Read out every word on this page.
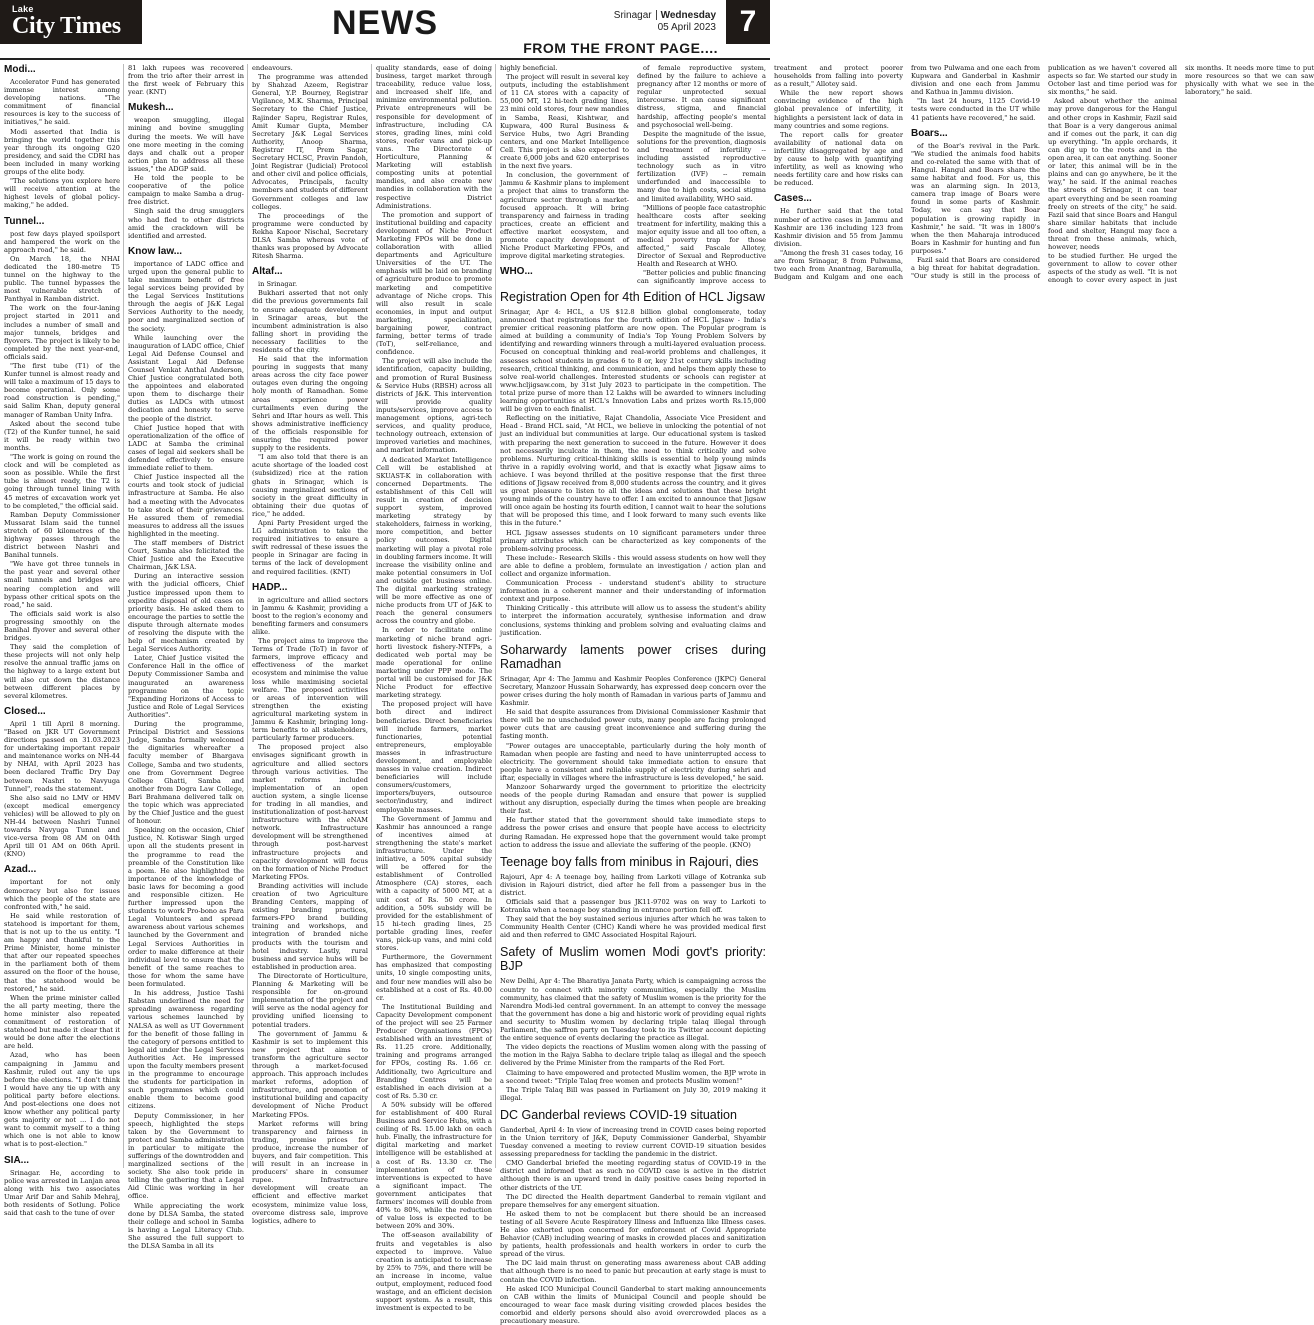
Lake
City Times	NEWS	Srinagar Wednesday
05 April 2023 7
FROM THE FRONT PAGE....
Modi...

Accelerator Fund has generated immense interest among developing nations. "The commitment of financial resources is key to the success of initiatives," he said.

Modi asserted that India is bringing the world together this year through its ongoing G20 presidency, and said the CDRI has been included in many working groups of the elite body.

"The solutions you explore here will receive attention at the highest levels of global policy-making," he added.

Tunnel...

post few days played spoilsport and hampered the work on the approach road," he said.

On March 18, the NHAI dedicated the 180-metre T5 tunnel on the highway to the public. The tunnel bypasses the most vulnerable stretch of Panthyal in Ramban district.

The work on the four-laning project started in 2011 and includes a number of small and major tunnels, bridges and flyovers. The project is likely to be completed by the next year-end, officials said.

"The first tube (T1) of the Kunfer tunnel is almost ready and will take a maximum of 15 days to become operational. Only some road construction is pending," said Salim Khan, deputy general manager of Ramban Unity Infra.

Asked about the second tube (T2) of the Kunfer tunnel, he said it will be ready within two months.

"The work is going on round the clock and will be completed as soon as possible. While the first tube is almost ready, the T2 is going through tunnel lining with 45 metres of excavation work yet to be completed," the official said.

Ramban Deputy Commissioner Mussarat Islam said the tunnel stretch of 60 kilometres of the highway passes through the district between Nashri and Banihal tunnels.

"We have got three tunnels in the past year and several other small tunnels and bridges are nearing completion and will bypass other critical spots on the road," he said.

The officials said work is also progressing smoothly on the Banihal flyover and several other bridges.

They said the completion of these projects will not only help resolve the annual traffic jams on the highway to a large extent but will also cut down the distance between different places by several kilometres.

Closed...

April 1 till April 8 morning. "Based on JKR UT Government directions passed on 31.03.2023 for undertaking important repair and maintenance works on NH-44 by NHAI, with April 2023 has been declared Traffic Dry Day between Nashri to Navyuga Tunnel", reads the statement.

She also said no LMV or HMV (except medical emergency vehicles) will be allowed to ply on NH-44 between Nashri Tunnel towards Navyuga Tunnel and vice-versa from 08 AM on 04th April till 01 AM on 06th April. (KNO)

Azad...

important for not only democracy but also for issues which the people of the state are confronted with," he said.

He said while restoration of statehood is important for them, that is not up to the us entity. "I am happy and thankful to the Prime Minister, home minister that after our repeated speeches in the parliament both of them assured on the floor of the house, that the statehood would be restored," he said.

When the prime minister called the all party meeting, there the home minister also repeated commitment of restoration of statehood but made it clear that it would be done after the elections are held.

Azad, who has been campaigning in Jammu and Kashmir, ruled out any tie ups before the elections. "I don't think I would have any tie up with any political party before elections. And post-elections one does not know whether any political party gets majority or not ... I do not want to commit myself to a thing which one is not able to know what is to post-election."

SIA...

Srinagar. He, according to police was arrested in Lanjan area along with his two associates Umar Arif Dar and Sahib Mehraj, both residents of Sotlung. Police said that cash to the tune of over

81 lakh rupees was recovered from the trio after their arrest in the first week of February this year. (KNT)

Mukesh...

weapon smuggling, illegal mining and bovine smuggling during the meets. We will have one more meeting in the coming days and chalk out a proper action plan to address all these issues," the ADGP said.

He told the people to be cooperative of the police campaign to make Samba a drug-free district.

Singh said the drug smugglers who had fled to other districts amid the crackdown will be identified and arrested.

Know law...

importance of LADC office and urged upon the general public to take maximum benefit of free legal services being provided by the Legal Services Institutions through the aegis of J&K Legal Services Authority to the needy, poor and marginalized section of the society.

While launching over the inauguration of LADC office, Chief Legal Aid Defense Counsel and Assistant Legal Aid Defense Counsel Venkat Anthal Anderson, Chief Justice congratulated both the appointees and elaborated upon them to discharge their duties as LADCs with utmost dedication and honesty to serve the people of the district.

Chief Justice hoped that with operationalization of the office of LADC at Samba the criminal cases of legal aid seekers shall be defended effectively to ensure immediate relief to them.

Chief Justice inspected all the courts and took stock of judicial infrastructure at Samba. He also had a meeting with the Advocates to take stock of their grievances. He assured them of remedial measures to address all the issues highlighted in the meeting.

The staff members of District Court, Samba also felicitated the Chief Justice and the Executive Chairman, J&K LSA.

During an interactive session with the judicial officers, Chief Justice impressed upon them to expedite disposal of old cases on priority basis. He asked them to encourage the parties to settle the dispute through alternate modes of resolving the dispute with the help of mechanism created by Legal Services Authority.

Later, Chief Justice visited the Conference Hall in the office of Deputy Commissioner Samba and inaugurated an awareness programme on the topic "Expanding Horizons of Access to Justice and Role of Legal Services Authorities".

During the programme, Principal District and Sessions Judge, Samba formally welcomed the dignitaries whereafter a faculty member of Bhargava College, Samba and two students, one from Government Degree College Ghatti, Samba and another from Dogra Law College, Bari Brahmana delivered talk on the topic which was appreciated by the Chief Justice and the guest of honour.

Speaking on the occasion, Chief Justice, N. Kotiswar Singh urged upon all the students present in the programme to read the preamble of the Constitution like a poem. He also highlighted the importance of the knowledge of basic laws for becoming a good and responsible citizen. He further impressed upon the students to work Pro-bono as Para Legal Volunteers and spread awareness about various schemes launched by the Government and Legal Services Authorities in order to make difference at their individual level to ensure that the benefit of the same reaches to those for whom the same have been formulated.

In his address, Justice Tashi Rabstan underlined the need for spreading awareness regarding various schemes launched by NALSA as well as UT Government for the benefit of those falling in the category of persons entitled to legal aid under the Legal Services Authorities Act. He impressed upon the faculty members present in the programme to encourage the students for participation in such programmes which could enable them to become good citizens.

Deputy Commissioner, in her speech, highlighted the steps taken by the Government to protect and Samba administration in particular to mitigate the sufferings of the downtrodden and marginalized sections of the society. She also took pride in telling the gathering that a Legal Aid Clinic was working in her office.

While appreciating the work done by DLSA Samba, the stated their college and school in Samba is having a Legal Literacy Club. She assured the full support to the DLSA Samba in all its

endeavours.

The programme was attended by Shahzad Azeem, Registrar General, Y.P. Bourney, Registrar Vigilance, M.K. Sharma, Principal Secretary to the Chief Justice, Rajinder Sapru, Registrar Rules, Amit Kumar Gupta, Member Secretary J&K Legal Services Authority, Anoop Sharma, Registrar IT, Prem Sagar, Secretary HCLSC, Pravin Pandoh, Joint Registrar (Judicial) Protocol and other civil and police officials, Advocates, Principals, faculty members and students of different Government colleges and law colleges.

The proceedings of the programme were conducted by Rekha Kapoor Nischal, Secretary DLSA Samba whereas vote of thanks was proposed by Advocate Ritesh Sharma.

Altaf...

in Srinagar.

Bukhari asserted that not only did the previous governments fail to ensure adequate development in Srinagar areas, but the incumbent administration is also falling short in providing the necessary facilities to the residents of the city.

He said that the information pouring in suggests that many areas across the city face power outages even during the ongoing holy month of Ramadhan. Some areas experience power curtailments even during the Sehri and Iftar hours as well. This shows administrative inefficiency of the officials responsible for ensuring the required power supply to the residents.

"I am also told that there is an acute shortage of the loaded cost (subsidized) rice at the ration ghats in Srinagar, which is causing marginalized sections of society in the great difficulty in obtaining their due quotas of rice," he added.

Apni Party President urged the LG administration to take the required initiatives to ensure a swift redressal of these issues the people in Srinagar are facing in terms of the lack of development and required facilities. (KNT)

HADP...

in agriculture and allied sectors in Jammu & Kashmir, providing a boost to the region's economy and benefiting farmers and consumers alike.

The project aims to improve the Terms of Trade (ToT) in favor of farmers, improve efficacy and effectiveness of the market ecosystem and minimise the value loss while maximising societal welfare. The proposed activities or areas of intervention will strengthen the existing agricultural marketing system in Jammu & Kashmir, bringing long-term benefits to all stakeholders, particularly farmer producers.

The proposed project also envisages significant growth in agriculture and allied sectors through various activities. The market reforms included implementation of an open auction system, a single license for trading in all mandies, and institutionalization of post-harvest infrastructure with the eNAM network. Infrastructure development will be strengthened through post-harvest infrastructure projects and capacity development will focus on the formation of Niche Product Marketing FPOs.

Branding activities will include creation of two Agriculture Branding Centers, mapping of existing branding practices, farmers-FPO brand building training and workshops, and integration of branded niche products with the tourism and hotel industry. Lastly, rural business and service hubs will be established in production area.

The Directorate of Horticulture, Planning & Marketing will be responsible for on-ground implementation of the project and will serve as the nodal agency for providing unified licensing to potential traders.

The government of Jammu & Kashmir is set to implement this new project that aims to transform the agriculture sector through a market-focused approach. This approach includes market reforms, adoption of infrastructure, and promotion of institutional building and capacity development of Niche Product Marketing FPOs.

Market reforms will bring transparency and fairness in trading, promise prices for produce, increase the number of buyers, and fair competition. This will result in an increase in producers' share in consumer rupee. Infrastructure development will create an efficient and effective market ecosystem, minimize value loss, overcome distress sale, improve logistics, adhere to

quality standards, ease of doing business, target market through traceability, reduce value loss, and increased shelf life, and minimize environmental pollution. Private entrepreneurs will be responsible for development of infrastructure, including CA stores, grading lines, mini cold stores, reefer vans and pick-up vans. The Directorate of Horticulture, Planning & Marketing will establish composting units at potential mandies, and also create new mandies in collaboration with the respective District Administrations.

The promotion and support of institutional building and capacity development of Niche Product Marketing FPOs will be done in collaboration with allied departments and Agriculture Universities of the UT. The emphasis will be laid on branding of agriculture produce to promote marketing and competitive advantage of Niche crops. This will also result in scale economies, in input and output marketing, specialization, bargaining power, contract farming, better terms of trade (ToT), self-reliance, and confidence.

The project will also include the identification, capacity building, and promotion of Rural Business & Service Hubs (RBSH) across all districts of J&K. This intervention will provide quality inputs/services, improve access to management options, agri-tech services, and quality produce, technology outreach, extension of improved varieties and machines, and market information.

A dedicated Market Intelligence Cell will be established at SKUAST-K in collaboration with concerned Departments. The establishment of this Cell will result in creation of decision support system, improved marketing strategy by stakeholders, fairness in working, more competition, and better policy outcomes. Digital marketing will play a pivotal role in doubling farmers income. It will increase the visibility online and make potential consumers in UoI and outside get business online. The digital marketing strategy will be more effective as one of niche products from UT of J&K to reach the general consumers across the country and globe.

In order to facilitate online marketing of niche brand agri-horti livestock fishery-NTFPs, a dedicated web portal may be made operational for online marketing under PPP mode. The portal will be customised for J&K Niche Product for effective marketing strategy.

The proposed project will have both direct and indirect beneficiaries. Direct beneficiaries will include farmers, market functionaries, potential entrepreneurs, employable masses in infrastructure development, and employable masses in value creation. Indirect beneficiaries will include consumers/customers, importers/buyers, outsource sector/industry, and indirect employable masses.

The Government of Jammu and Kashmir has announced a range of incentives aimed at strengthening the state's market infrastructure. Under the initiative, a 50% capital subsidy will be offered for the establishment of Controlled Atmosphere (CA) stores, each with a capacity of 5000 MT, at a unit cost of Rs. 50 crore. In addition, a 50% subsidy will be provided for the establishment of 15 hi-tech grading lines, 25 portable grading lines, reefer vans, pick-up vans, and mini cold stores.

Furthermore, the Government has emphasized that composting units, 10 single composting units, and four new mandies will also be established at a cost of Rs. 40.00 cr.

The Institutional Building and Capacity Development component of the project will see 25 Farmer Producer Organisations (FPOs) established with an investment of Rs. 11.25 crore. Additionally, training and programs arranged for FPOs, costing Rs. 1.66 cr. Additionally, two Agriculture and Branding Centres will be established in each division at a cost of Rs. 5.30 cr.

A 50% subsidy will be offered for establishment of 400 Rural Business and Service Hubs, with a ceiling of Rs. 15.00 lakh on each hub. Finally, the infrastructure for digital marketing and market intelligence will be established at a cost of Rs. 13.30 cr. The implementation of these interventions is expected to have a significant impact. The government anticipates that farmers' incomes will double from 40% to 80%, while the reduction of value loss is expected to be between 20% and 30%.

The off-season availability of fruits and vegetables is also expected to improve. Value creation is anticipated to increase by 25% to 75%, and there will be an increase in income, value output, employment, reduced food wastage, and an efficient decision support system. As a result, this investment is expected to be

highly beneficial.

The project will result in several key outputs, including the establishment of 11 CA stores with a capacity of 55,000 MT, 12 hi-tech grading lines, 23 mini cold stores, four new mandies in Samba, Reasi, Kishtwar, and Kupwara, 400 Rural Business & Service Hubs, two Agri Branding centers, and one Market Intelligence Cell. This project is also expected to create 6,000 jobs and 620 enterprises in the next five years.

In conclusion, the government of Jammu & Kashmir plans to implement a project that aims to transform the agriculture sector through a market-focused approach. It will bring transparency and fairness in trading practices, create an efficient and effective market ecosystem, and promote capacity development of Niche Product Marketing FPOs, and improve digital marketing strategies.

WHO...

of female reproductive system, defined by the failure to achieve a pregnancy after 12 months or more of regular unprotected sexual intercourse. It can cause significant distress, stigma, and financial hardship, affecting people's mental and psychosocial well-being.

Despite the magnitude of the issue, solutions for the prevention, diagnosis and treatment of infertility -- including assisted reproductive technology such as in vitro fertilization (IVF) -- remain underfunded and inaccessible to many due to high costs, social stigma and limited availability, WHO said.

"Millions of people face catastrophic healthcare costs after seeking treatment for infertility, making this a major equity issue and all too often, a medical poverty trap for those affected," said Pascale Allotey, Director of Sexual and Reproductive Health and Research at WHO.

"Better policies and public financing can significantly improve access to treatment and protect poorer households from falling into poverty as a result," Allotey said.

While the new report shows convincing evidence of the high global prevalence of infertility, it highlights a persistent lack of data in many countries and some regions.

The report calls for greater availability of national data on infertility disaggregated by age and by cause to help with quantifying infertility, as well as knowing who needs fertility care and how risks can be reduced.

Cases...

He further said that the total number of active cases in Jammu and Kashmir are 136 including 123 from Kashmir division and 55 from Jammu division.

"Among the fresh 31 cases today, 16 are from Srinagar, 8 from Pulwama, two each from Anantnag, Baramulla, Budgam and Kulgam and one each from two Pulwama and one each from Kupwara and Ganderbal in Kashmir division and one each from Jammu and Kathua in Jammu division.

"In last 24 hours, 1125 Covid-19 tests were conducted in the UT while 41 patients have recovered," he said.

Boars...

of the Boar's revival in the Park. "We studied the animals food habits and co-related the same with that of Hangul. Hangul and Boars share the same habitat and food. For us, this was an alarming sign. In 2013, camera trap image of Boars were found in some parts of Kashmir. Today, we can say that Boar population is growing rapidly in Kashmir," he said. "It was in 1800's when the then Maharaja introduced Boars in Kashmir for hunting and fun purposes."

Fazil said that Boars are considered a big threat for habitat degradation. "Our study is still in the process of publication as we haven't covered all aspects so far. We started our study in October last and time period was for six months," he said.

Asked about whether the animal may prove dangerous for the Hangul and other crops in Kashmir, Fazil said that Boar is a very dangerous animal and if comes out the park, it can dig up everything. "In apple orchards, it can dig up to the roots and in the open area, it can eat anything. Sooner or later, this animal will be in the plains and can go anywhere, be it the way," he said. If the animal reaches the streets of Srinagar, it can tear apart everything and be seen roaming freely on streets of the city," he said. Fazil said that since Boars and Hangul share similar habitats that include food and shelter, Hangul may face a threat from these animals, which, however, needs

to be studied further. He urged the government to allow to cover other aspects of the study as well. "It is not enough to cover every aspect in just six months. It needs more time to put more resources so that we can saw physically with what we see in the laboratory," he said.

Registration Open for 4th Edition of HCL Jigsaw

Srinagar, Apr 4: HCL, a US $12.8 billion global conglomerate, today announced that registrations for the fourth edition of HCL Jigsaw - India's premier critical reasoning platform are now open. The Popular program is aimed at building a community of India's Top Young Problem Solvers by identifying and rewarding winners through a multi-layered evaluation process. Focused on conceptual thinking and real-world problems and challenges, it assesses school students in grades 6 to 8 or, key 21st century skills including research, critical thinking, and communication, and helps them apply these to solve real-world challenges. Interested students or schools can register at www.hcljigsaw.com, by 31st July 2023 to participate in the competition. The total prize purse of more than 12 Lakhs will be awarded to winners including learning opportunities at HCL's Innovation Labs and prizes worth Rs.15,000 will be given to each finalist.

Reflecting on the initiative, Rajat Chandolia, Associate Vice President and Head - Brand HCL said, "At HCL, we believe in unlocking the potential of not just an individual but communities at large. Our educational system is tasked with preparing the next generation to succeed in the future. However it does not necessarily inculcate in them, the need to think critically and solve problems. Nurturing critical-thinking skills is essential to help young minds thrive in a rapidly evolving world, and that is exactly what Jigsaw aims to achieve. I was beyond thrilled at the positive response that the first three editions of Jigsaw received from 8,000 students across the country, and it gives us great pleasure to listen to all the ideas and solutions that these bright young minds of the country have to offer. I am excited to announce that Jigsaw will once again be hosting its fourth edition, I cannot wait to hear the solutions that will be proposed this time, and I look forward to many such events like this in the future."

HCL Jigsaw assesses students on 10 significant parameters under three primary attributes which can be characterized as key components of the problem-solving process.

These include:- Research Skills - this would assess students on how well they are able to define a problem, formulate an investigation / action plan and collect and organize information.

Communication Process - understand student's ability to structure information in a coherent manner and their understanding of information context and purpose.

Thinking Critically - this attribute will allow us to assess the student's ability to interpret the information accurately, synthesise information and draw conclusions, systems thinking and problem solving and evaluating claims and justification.

Soharwardy laments power crises during Ramadhan

Srinagar, Apr 4: The Jammu and Kashmir Peoples Conference (JKPC) General Secretary, Manzoor Hussain Soharwardy, has expressed deep concern over the power crises during the holy month of Ramadan in various parts of Jammu and Kashmir.

He said that despite assurances from Divisional Commissioner Kashmir that there will be no unscheduled power cuts, many people are facing prolonged power cuts that are causing great inconvenience and suffering during the fasting month.

"Power outages are unacceptable, particularly during the holy month of Ramadan when people are fasting and need to have uninterrupted access to electricity. The government should take immediate action to ensure that people have a consistent and reliable supply of electricity during sehri and iftar, especially in villages where the infrastructure is less developed," he said.

Manzoor Soharwardy urged the government to prioritize the electricity needs of the people during Ramadan and ensure that power is supplied without any disruption, especially during the times when people are breaking their fast.

He further stated that the government should take immediate steps to address the power crises and ensure that people have access to electricity during Ramadan. He expressed hope that the government would take prompt action to address the issue and alleviate the suffering of the people. (KNO)

Teenage boy falls from minibus in Rajouri, dies

Rajouri, Apr 4: A teenage boy, hailing from Larkoti village of Kotranka sub division in Rajouri district, died after he fell from a passenger bus in the district.

Officials said that a passenger bus JK11-9702 was on way to Larkoti to Kotranka when a teenage boy standing in entrance portion fell off.

They said that the boy sustained serious injuries after which he was taken to Community Health Center (CHC) Kandi where he was provided medical first aid and then referred to GMC Associated Hospital Rajouri.

Safety of Muslim women Modi govt's priority: BJP

New Delhi, Apr 4: The Bharatiya Janata Party, which is campaigning across the country to connect with minority communities, especially the Muslim community, has claimed that the safety of Muslim women is the priority for the Narendra Modi-led central government. In an attempt to convey the message that the government has done a big and historic work of providing equal rights and security to Muslim women by declaring triple talaq illegal through Parliament, the saffron party on Tuesday took to its Twitter account depicting the entire sequence of events declaring the practice as illegal.

The video depicts the reactions of Muslim women along with the passing of the motion in the Rajya Sabha to declare triple talaq as illegal and the speech delivered by the Prime Minister from the ramparts of the Red Fort.

Claiming to have empowered and protected Muslim women, the BJP wrote in a second tweet: "Triple Talaq free women and protects Muslim women!"

The Triple Talaq Bill was passed in Parliament on July 30, 2019 making it illegal.

DC Ganderbal reviews COVID-19 situation

Ganderbal, April 4: In view of increasing trend in COVID cases being reported in the Union territory of J&K, Deputy Commissioner Ganderbal, Shyambir Tuesday convened a meeting to review current COVID-19 situation besides assessing preparedness for tackling the pandemic in the district.

CMO Ganderbal briefed the meeting regarding status of COVID-19 in the district and informed that as such no COVID case is active in the district although there is an upward trend in daily positive cases being reported in other districts of the UT.

The DC directed the Health department Ganderbal to remain vigilant and prepare themselves for any emergent situation.

He asked them to not be complacent but there should be an increased testing of all Severe Acute Respiratory Illness and Influenza like Illness cases. He also exhorted upon concerned for enforcement of Covid Appropriate Behavior (CAB) including wearing of masks in crowded places and sanitization by patients, health professionals and health workers in order to curb the spread of the virus.

The DC laid main thrust on generating mass awareness about CAB adding that although there is no need to panic but precaution at early stage is must to contain the COVID infection.

He asked ICO Municipal Council Ganderbal to start making announcements on CAB within the limits of Municipal Council and people should be encouraged to wear face mask during visiting crowded places besides the comorbid and elderly persons should also avoid overcrowded places as a precautionary measure.
